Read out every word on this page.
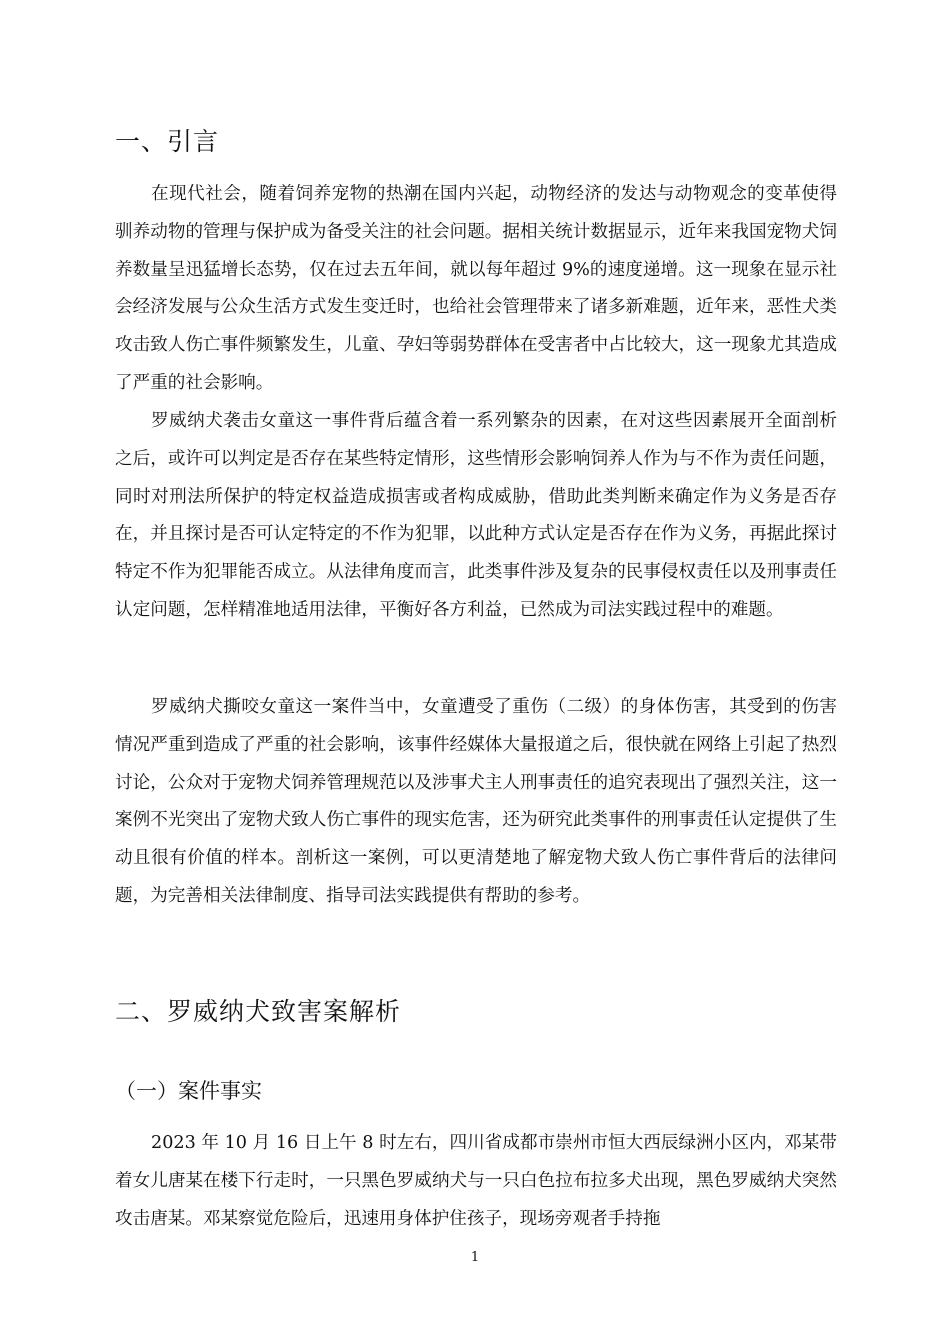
一、引言

在现代社会，随着饲养宠物的热潮在国内兴起，动物经济的发达与动物观念的变革使得驯养动物的管理与保护成为备受关注的社会问题。据相关统计数据显示，近年来我国宠物犬饲养数量呈迅猛增长态势，仅在过去五年间，就以每年超过 9%的速度递增。这一现象在显示社会经济发展与公众生活方式发生变迁时，也给社会管理带来了诸多新难题，近年来，恶性犬类攻击致人伤亡事件频繁发生，儿童、孕妇等弱势群体在受害者中占比较大，这一现象尤其造成了严重的社会影响。

罗威纳犬袭击女童这一事件背后蕴含着一系列繁杂的因素，在对这些因素展开全面剖析之后，或许可以判定是否存在某些特定情形，这些情形会影响饲养人作为与不作为责任问题，同时对刑法所保护的特定权益造成损害或者构成威胁，借助此类判断来确定作为义务是否存在，并且探讨是否可认定特定的不作为犯罪，以此种方式认定是否存在作为义务，再据此探讨特定不作为犯罪能否成立。从法律角度而言，此类事件涉及复杂的民事侵权责任以及刑事责任认定问题，怎样精准地适用法律，平衡好各方利益，已然成为司法实践过程中的难题。

罗威纳犬撕咬女童这一案件当中，女童遭受了重伤（二级）的身体伤害，其受到的伤害情况严重到造成了严重的社会影响，该事件经媒体大量报道之后，很快就在网络上引起了热烈讨论，公众对于宠物犬饲养管理规范以及涉事犬主人刑事责任的追究表现出了强烈关注，这一案例不光突出了宠物犬致人伤亡事件的现实危害，还为研究此类事件的刑事责任认定提供了生动且很有价值的样本。剖析这一案例，可以更清楚地了解宠物犬致人伤亡事件背后的法律问题，为完善相关法律制度、指导司法实践提供有帮助的参考。

二、罗威纳犬致害案解析
（一）案件事实

2023 年 10 月 16 日上午 8 时左右，四川省成都市崇州市恒大西辰绿洲小区内，邓某带着女儿唐某在楼下行走时，一只黑色罗威纳犬与一只白色拉布拉多犬出现，黑色罗威纳犬突然攻击唐某。邓某察觉危险后，迅速用身体护住孩子，现场旁观者手持拖

1
